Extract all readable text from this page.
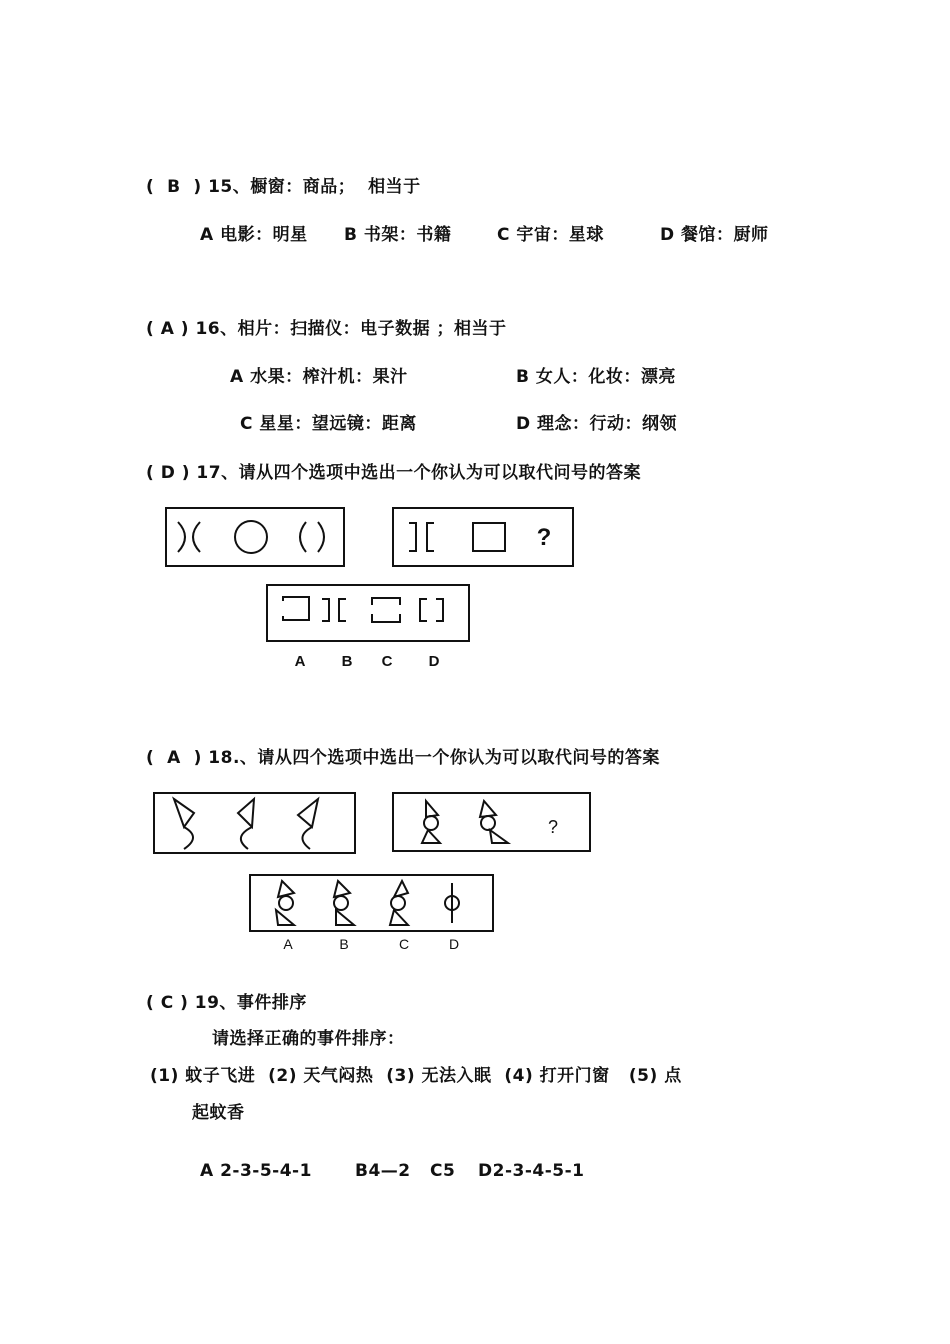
(  B  ) 15、橱窗：商品；  相当于
A 电影：明星 B 书架：书籍	C 宇宙：星球	D 餐馆：厨师
( A ) 16、相片：扫描仪：电子数据 ；相当于
A 水果：榨汁机：果汁	B 女人：化妆：漂亮
C 星星：望远镜：距离	D 理念：行动：纲领
( D ) 17、请从四个选项中选出一个你认为可以取代问号的答案
?
A B C D
(  A  ) 18.、请从四个选项中选出一个你认为可以取代问号的答案
?
A	B	C	D
( C ) 19、事件排序
请选择正确的事件排序：
(1) 蚊子飞进  (2) 天气闷热  (3) 无法入眠  (4) 打开门窗   (5) 点
起蚊香
A 2-3-5-4-1	B4—2 C5 D2-3-4-5-1
